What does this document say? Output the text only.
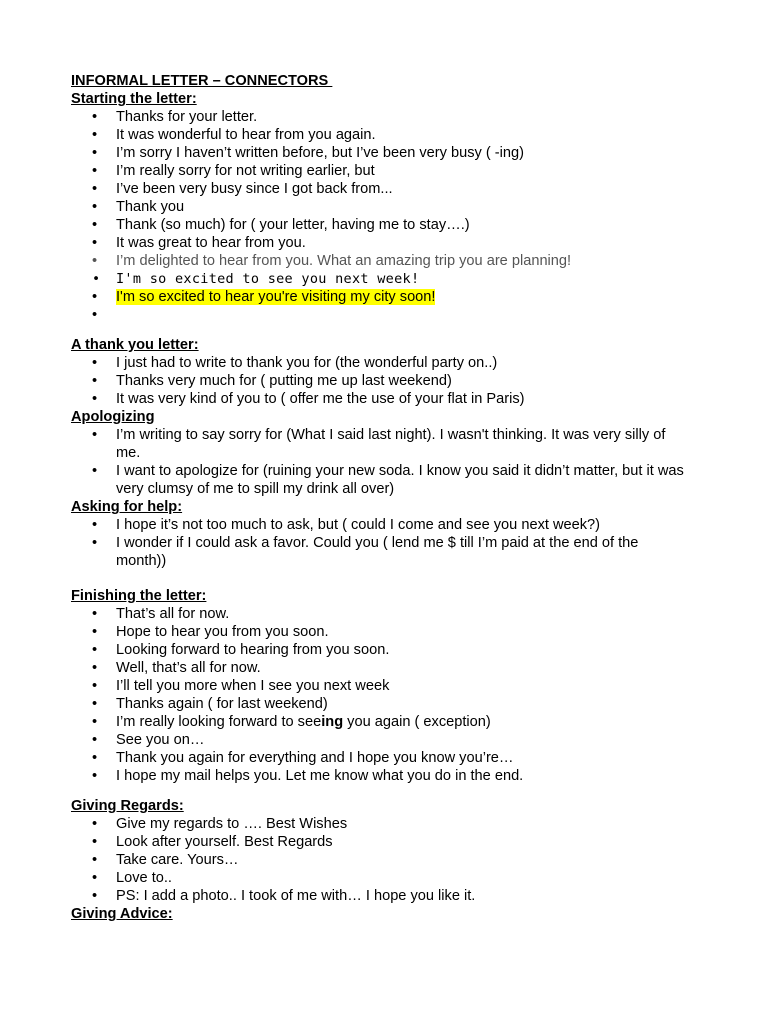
INFORMAL LETTER – CONNECTORS
Starting the letter:
• Thanks for your letter.
• It was wonderful to hear from you again.
• I’m sorry I haven’t written before, but I’ve been very busy ( -ing)
• I’m really sorry for not writing earlier, but
• I’ve been very busy since I got back from...
• Thank you
• Thank (so much) for ( your letter, having me to stay….)
• It was great to hear from you.
• I’m delighted to hear from you. What an amazing trip you are planning!
• I'm so excited to see you next week!
• I'm so excited to hear you're visiting my city soon!
•
A thank you letter:
• I just had to write to thank you for (the wonderful party on..)
• Thanks very much for ( putting me up last weekend)
• It was very kind of you to ( offer me the use of your flat in Paris)
Apologizing
• I’m writing to say sorry for (What I said last night). I wasn't thinking. It was very silly of me.
• I want to apologize for (ruining your new soda. I know you said it didn’t matter, but it was very clumsy of me to spill my drink all over)
Asking for help:
• I hope it’s not too much to ask, but ( could I come and see you next week?)
• I wonder if I could ask a favor. Could you ( lend me $ till I’m paid at the end of the month))
Finishing the letter:
• That’s all for now.
• Hope to hear you from you soon.
• Looking forward to hearing from you soon.
• Well, that’s all for now.
• I’ll tell you more when I see you next week
• Thanks again ( for last weekend)
• I’m really looking forward to seeing you again ( exception)
• See you on…
• Thank you again for everything and I hope you know you’re…
• I hope my mail helps you. Let me know what you do in the end.
Giving Regards:
• Give my regards to …. Best Wishes
• Look after yourself. Best Regards
• Take care. Yours…
• Love to..
• PS: I add a photo.. I took of me with… I hope you like it.
Giving Advice:
